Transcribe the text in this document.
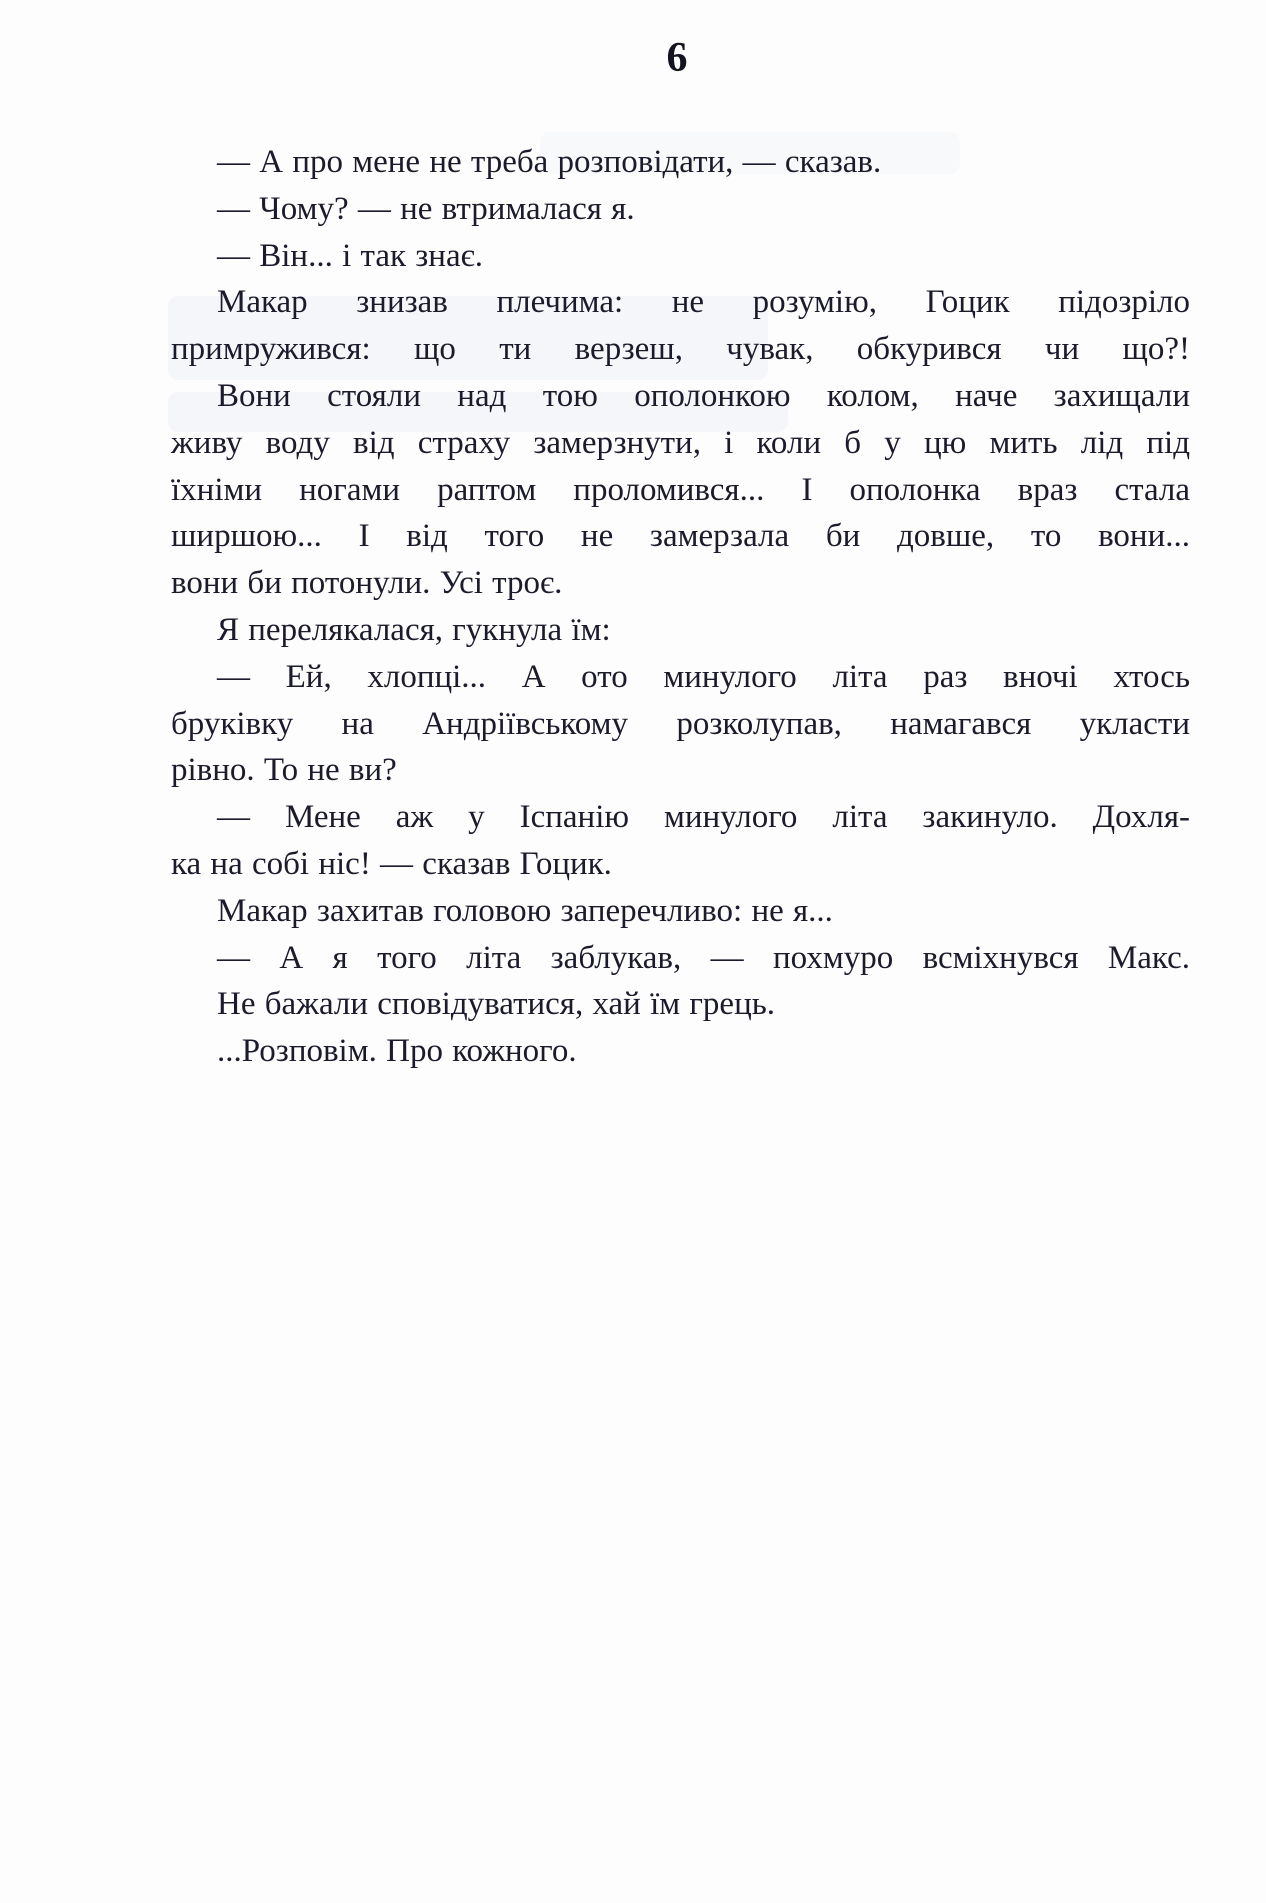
6
— А про мене не треба розповідати, — сказав.
— Чому? — не втрималася я.
— Він... і так знає.
Макар знизав плечима: не розумію, Гоцик підозріло
примружився: що ти верзеш, чувак, обкурився чи що?!
Вони стояли над тою ополонкою колом, наче захищали
живу воду від страху замерзнути, і коли б у цю мить лід під
їхніми ногами раптом проломився... І ополонка враз стала
ширшою... І від того не замерзала би довше, то вони...
вони би потонули. Усі троє.
Я перелякалася, гукнула їм:
— Ей, хлопці... А ото минулого літа раз вночі хтось
бруківку на Андріївському розколупав, намагався укласти
рівно. То не ви?
— Мене аж у Іспанію минулого літа закинуло. Дохля-
ка на собі ніс! — сказав Гоцик.
Макар захитав головою заперечливо: не я...
— А я того літа заблукав, — похмуро всміхнувся Макс.
Не бажали сповідуватися, хай їм грець.
...Розповім. Про кожного.
